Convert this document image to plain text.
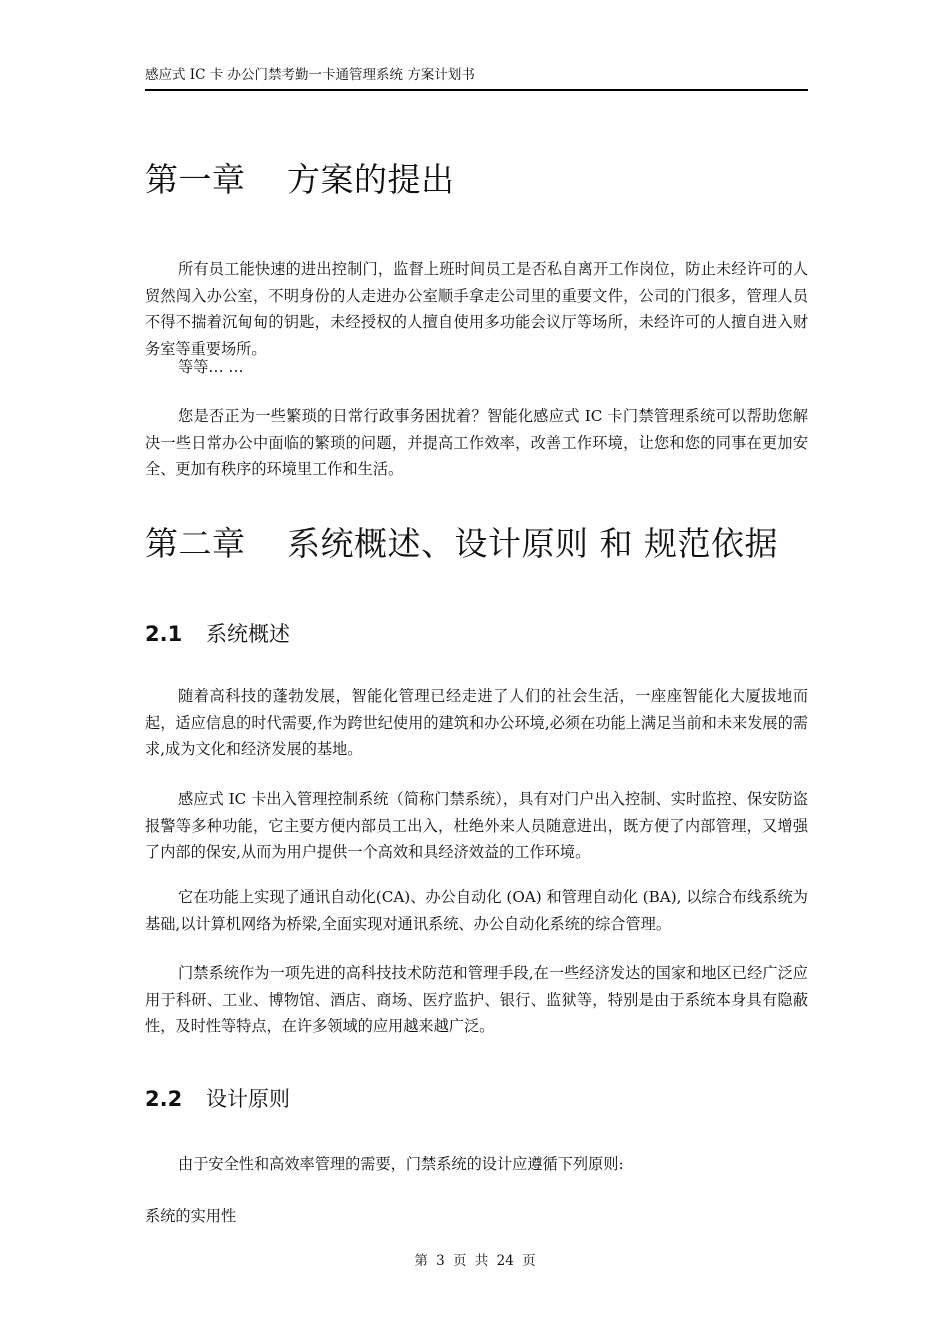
感应式 IC 卡 办公门禁考勤一卡通管理系统 方案计划书
第一章 方案的提出

所有员工能快速的进出控制门，监督上班时间员工是否私自离开工作岗位，防止未经许可的人贸然闯入办公室，不明身份的人走进办公室顺手拿走公司里的重要文件，公司的门很多，管理人员不得不揣着沉甸甸的钥匙，未经授权的人擅自使用多功能会议厅等场所，未经许可的人擅自进入财务室等重要场所。

等等… …

您是否正为一些繁琐的日常行政事务困扰着？智能化感应式 IC 卡门禁管理系统可以帮助您解决一些日常办公中面临的繁琐的问题，并提高工作效率，改善工作环境，让您和您的同事在更加安全、更加有秩序的环境里工作和生活。

第二章 系统概述、设计原则 和 规范依据
2.1 系统概述

随着高科技的蓬勃发展，智能化管理已经走进了人们的社会生活，一座座智能化大厦拔地而起，适应信息的时代需要,作为跨世纪使用的建筑和办公环境,必须在功能上满足当前和未来发展的需求,成为文化和经济发展的基地。

感应式 IC 卡出入管理控制系统（简称门禁系统），具有对门户出入控制、实时监控、保安防盗报警等多种功能，它主要方便内部员工出入，杜绝外来人员随意进出，既方便了内部管理，又增强了内部的保安,从而为用户提供一个高效和具经济效益的工作环境。

它在功能上实现了通讯自动化(CA)、办公自动化 (OA) 和管理自动化 (BA), 以综合布线系统为基础,以计算机网络为桥梁,全面实现对通讯系统、办公自动化系统的综合管理。

门禁系统作为一项先进的高科技技术防范和管理手段,在一些经济发达的国家和地区已经广泛应用于科研、工业、博物馆、酒店、商场、医疗监护、银行、监狱等，特别是由于系统本身具有隐蔽性，及时性等特点，在许多领域的应用越来越广泛。

2.2 设计原则

由于安全性和高效率管理的需要，门禁系统的设计应遵循下列原则:

系统的实用性

第 3 页 共 24 页
